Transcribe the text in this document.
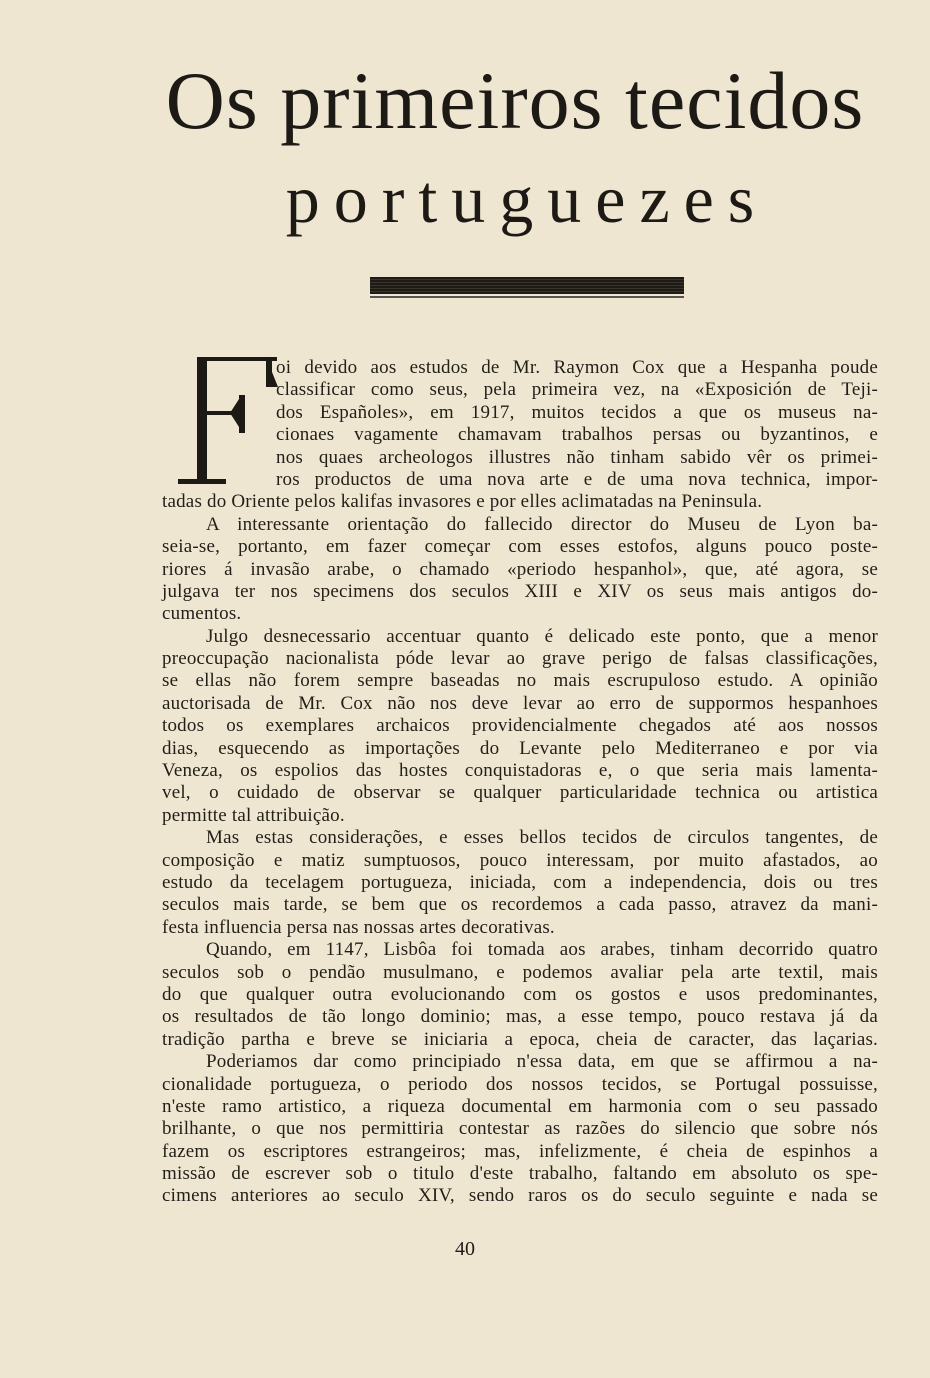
Os primeiros tecidos
portuguezes
oi devido aos estudos de Mr. Raymon Cox que a Hespanha poude
classificar como seus, pela primeira vez, na «Exposición de Teji-
dos Españoles», em 1917, muitos tecidos a que os museus na-
cionaes vagamente chamavam trabalhos persas ou byzantinos, e
nos quaes archeologos illustres não tinham sabido vêr os primei-
ros productos de uma nova arte e de uma nova technica, impor-
tadas do Oriente pelos kalifas invasores e por elles aclimatadas na Peninsula.
A interessante orientação do fallecido director do Museu de Lyon ba-
seia-se, portanto, em fazer começar com esses estofos, alguns pouco poste-
riores á invasão arabe, o chamado «periodo hespanhol», que, até agora, se
julgava ter nos specimens dos seculos XIII e XIV os seus mais antigos do-
cumentos.
Julgo desnecessario accentuar quanto é delicado este ponto, que a menor
preoccupação nacionalista póde levar ao grave perigo de falsas classificações,
se ellas não forem sempre baseadas no mais escrupuloso estudo. A opinião
auctorisada de Mr. Cox não nos deve levar ao erro de suppormos hespanhoes
todos os exemplares archaicos providencialmente chegados até aos nossos
dias, esquecendo as importações do Levante pelo Mediterraneo e por via
Veneza, os espolios das hostes conquistadoras e, o que seria mais lamenta-
vel, o cuidado de observar se qualquer particularidade technica ou artistica
permitte tal attribuição.
Mas estas considerações, e esses bellos tecidos de circulos tangentes, de
composição e matiz sumptuosos, pouco interessam, por muito afastados, ao
estudo da tecelagem portugueza, iniciada, com a independencia, dois ou tres
seculos mais tarde, se bem que os recordemos a cada passo, atravez da mani-
festa influencia persa nas nossas artes decorativas.
Quando, em 1147, Lisbôa foi tomada aos arabes, tinham decorrido quatro
seculos sob o pendão musulmano, e podemos avaliar pela arte textil, mais
do que qualquer outra evolucionando com os gostos e usos predominantes,
os resultados de tão longo dominio; mas, a esse tempo, pouco restava já da
tradição partha e breve se iniciaria a epoca, cheia de caracter, das laçarias.
Poderiamos dar como principiado n'essa data, em que se affirmou a na-
cionalidade portugueza, o periodo dos nossos tecidos, se Portugal possuisse,
n'este ramo artistico, a riqueza documental em harmonia com o seu passado
brilhante, o que nos permittiria contestar as razões do silencio que sobre nós
fazem os escriptores estrangeiros; mas, infelizmente, é cheia de espinhos a
missão de escrever sob o titulo d'este trabalho, faltando em absoluto os spe-
cimens anteriores ao seculo XIV, sendo raros os do seculo seguinte e nada se
40
